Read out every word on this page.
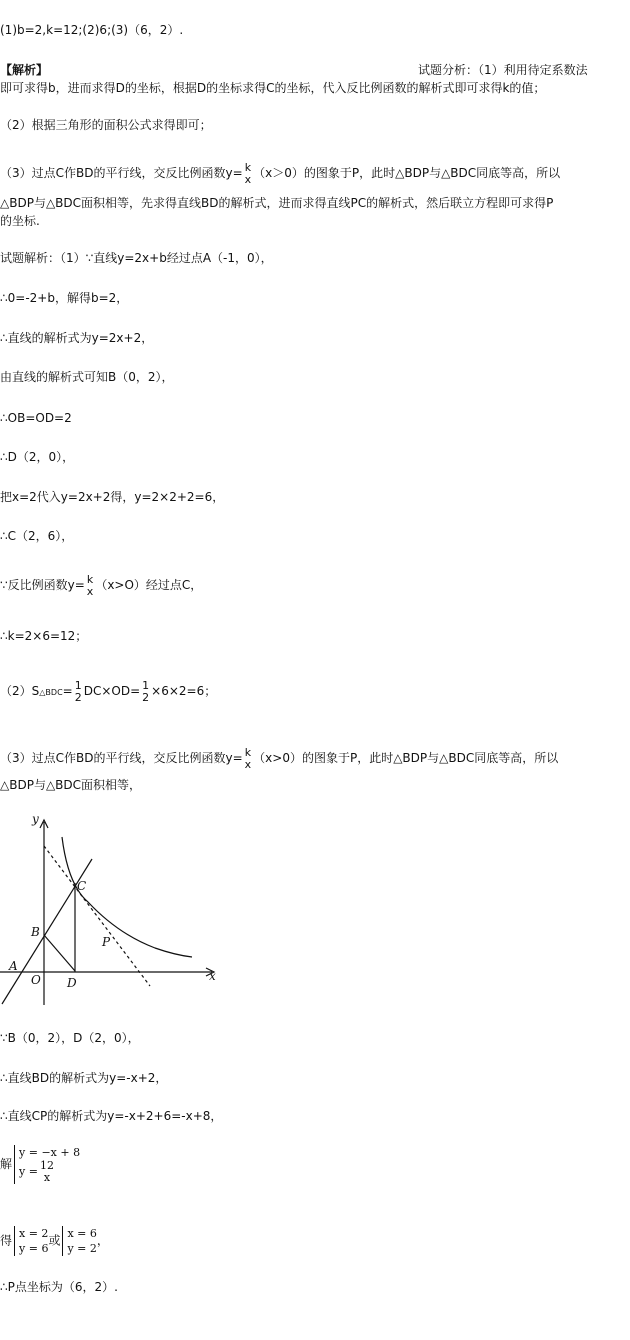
(1)b=2,k=12;(2)6;(3)（6，2）.
【解析】	试题分析：（1）利用待定系数法
即可求得b，进而求得D的坐标，根据D的坐标求得C的坐标，代入反比例函数的解析式即可求得k的值；
（2）根据三角形的面积公式求得即可；
（3）过点C作BD的平行线，交反比例函数y= k
x （x＞0）的图象于P，此时△BDP与△BDC同底等高，所以
△BDP与△BDC面积相等，先求得直线BD的解析式，进而求得直线PC的解析式，然后联立方程即可求得P
的坐标.
试题解析：（1）∵直线y=2x+b经过点A（-1，0），
∴0=-2+b，解得b=2，
∴直线的解析式为y=2x+2，
由直线的解析式可知B（0，2），
∴OB=OD=2
∴D（2，0），
把x=2代入y=2x+2得，y=2×2+2=6，
∴C（2，6），
∵反比例函数y= k
x （x>O）经过点C，
∴k=2×6=12；
（2）S△BDC= 1
2 DC×OD= 1
2 ×6×2=6；
（3）过点C作BD的平行线，交反比例函数y= k
x （x>0）的图象于P，此时△BDP与△BDC同底等高，所以
△BDP与△BDC面积相等，
y
x
A
B
C
D
O
P
∵B（0，2），D（2，0），
∴直线BD的解析式为y=-x+2，
∴直线CP的解析式为y=-x+2+6=-x+8，
解
y = −x + 8
y = 12
x
得 x = 2
y = 6
或 x = 6
y = 2
，
∴P点坐标为（6，2）.
